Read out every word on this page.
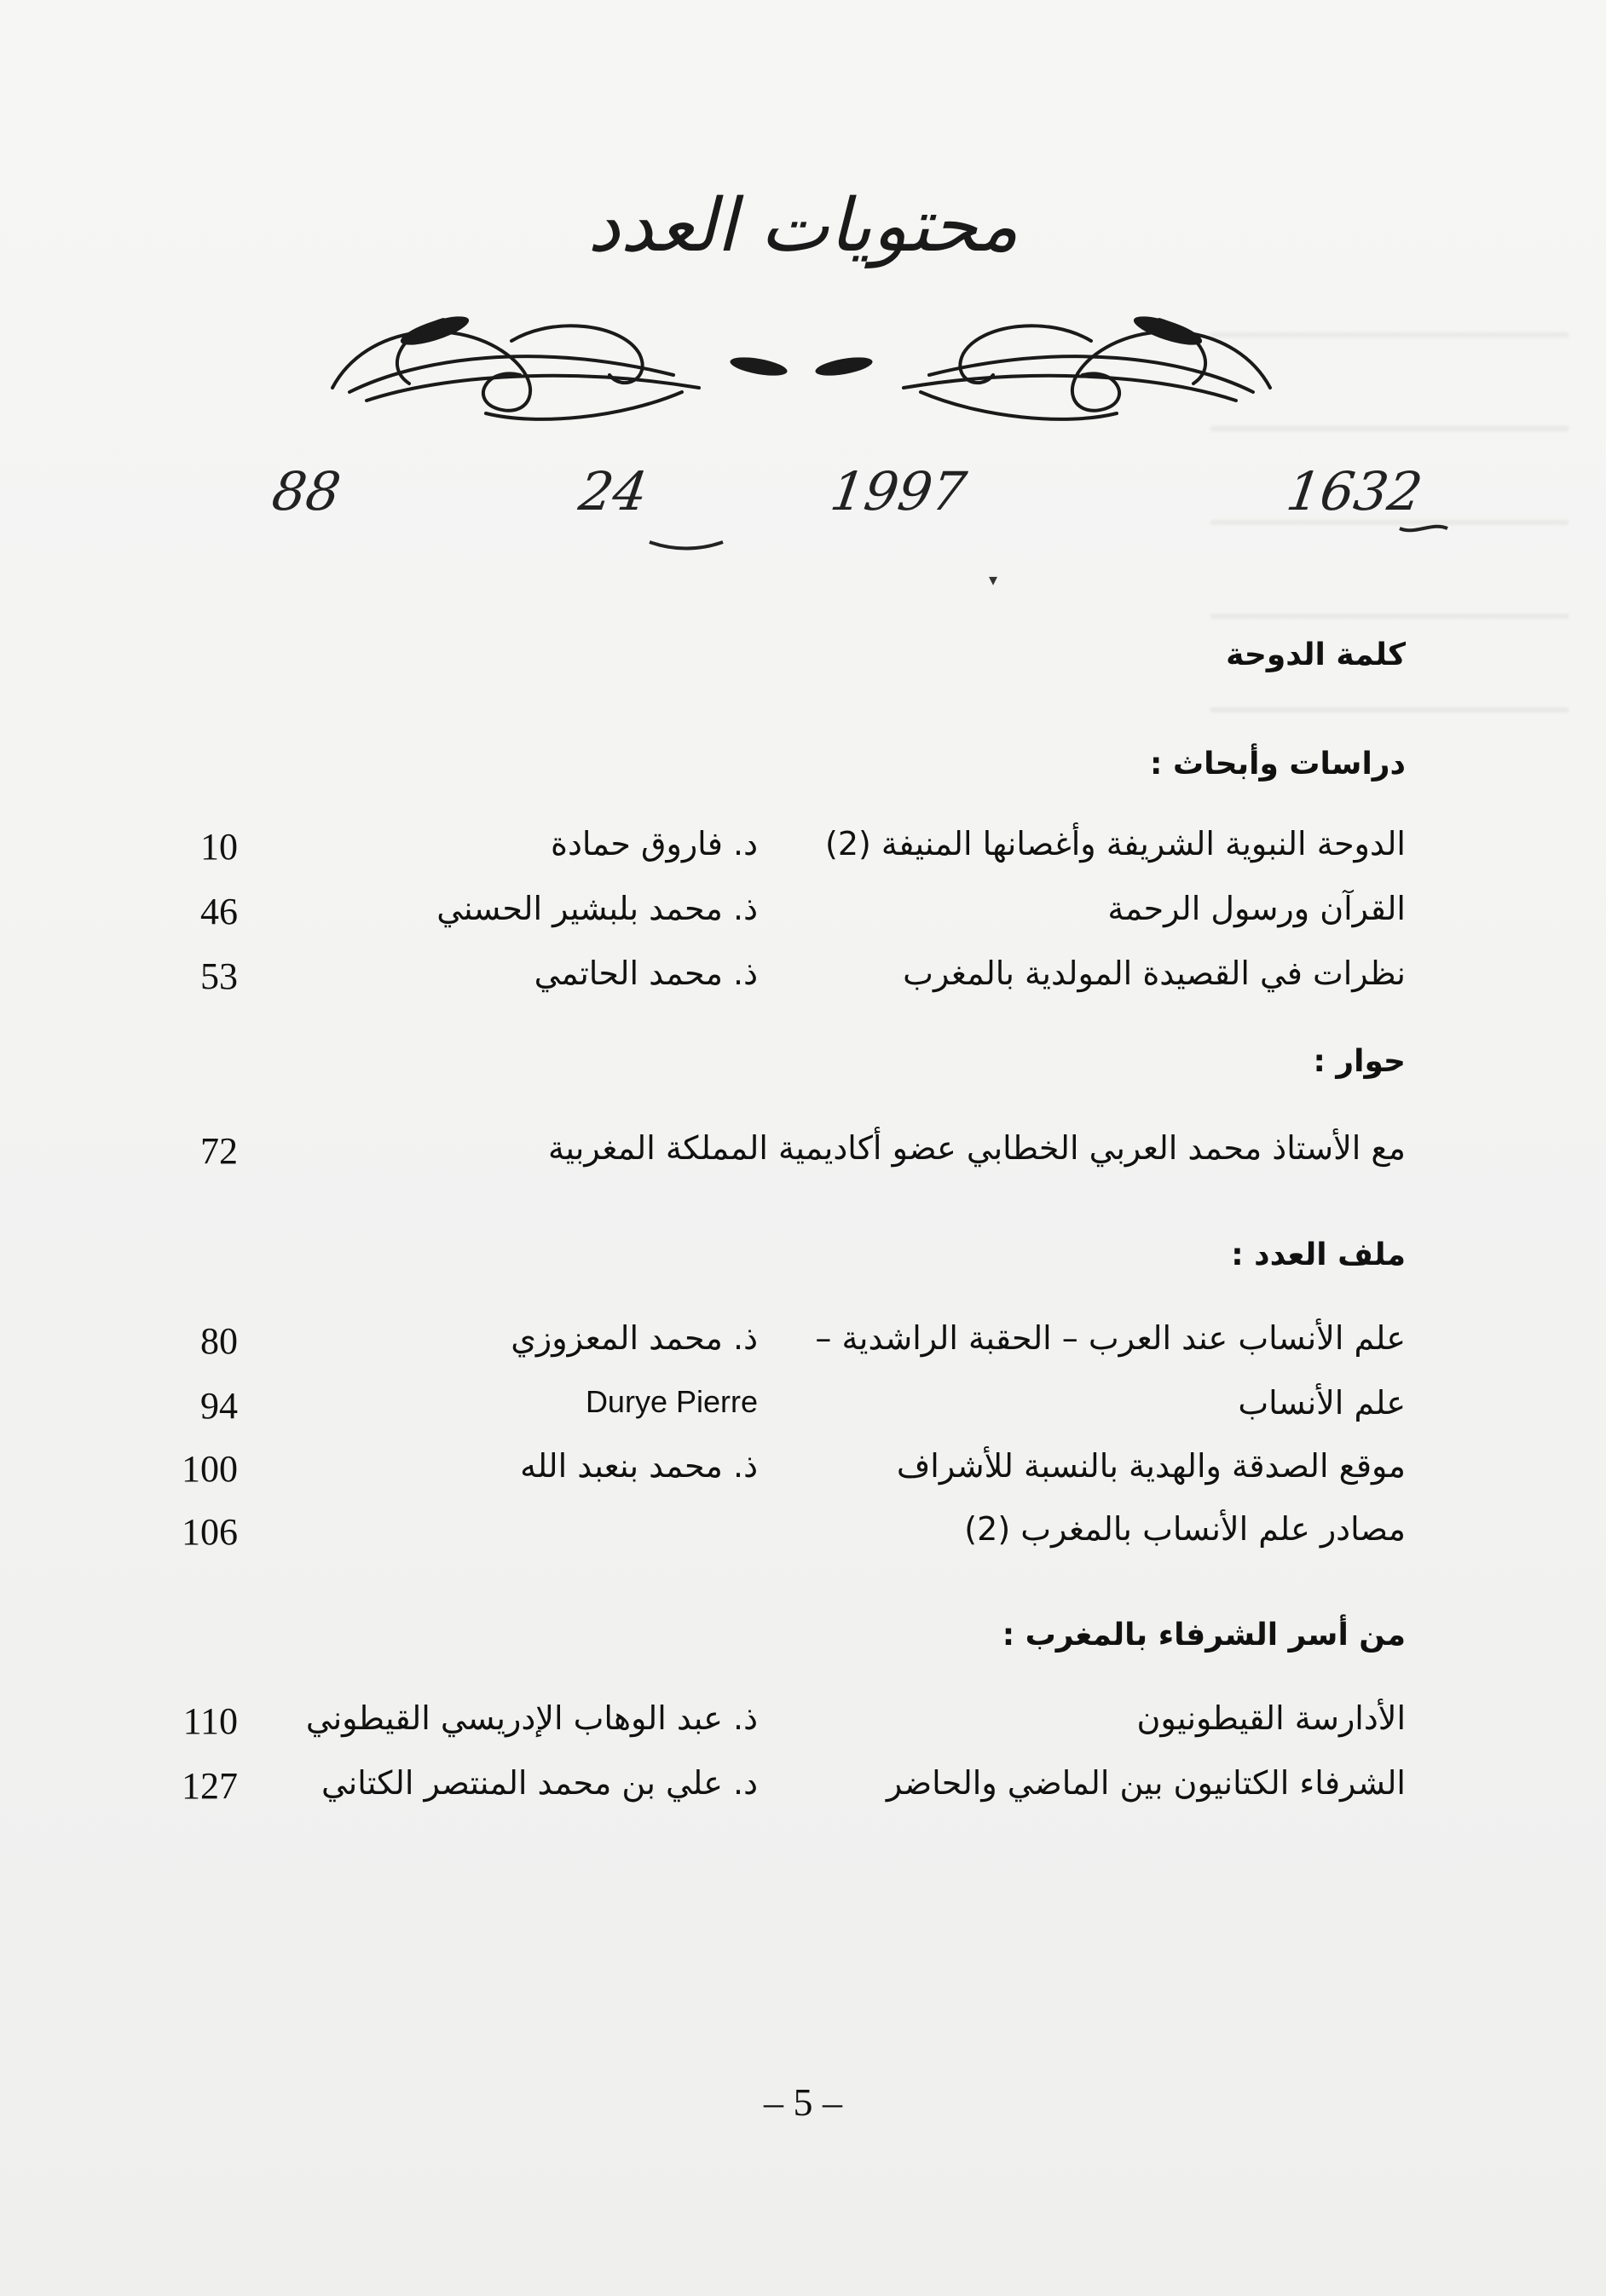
محتويات العدد
1632
1997
24
88
▾
كلمة الدوحة
دراسات وأبحاث :
الدوحة النبوية الشريفة وأغصانها المنيفة (2)
د. فاروق حمادة
10
القرآن ورسول الرحمة
ذ. محمد بلبشير الحسني
46
نظرات في القصيدة المولدية بالمغرب
ذ. محمد الحاتمي
53
حوار :
مع الأستاذ محمد العربي الخطابي عضو أكاديمية المملكة المغربية
72
ملف العدد :
علم الأنساب عند العرب – الحقبة الراشدية –
ذ. محمد المعزوزي
80
علم الأنساب
Durye Pierre
94
موقع الصدقة والهدية بالنسبة للأشراف
ذ. محمد بنعبد الله
100
مصادر علم الأنساب بالمغرب (2)
106
من أسر الشرفاء بالمغرب :
الأدارسة القيطونيون
ذ. عبد الوهاب الإدريسي القيطوني
110
الشرفاء الكتانيون بين الماضي والحاضر
د. علي بن محمد المنتصر الكتاني
127
– 5 –
